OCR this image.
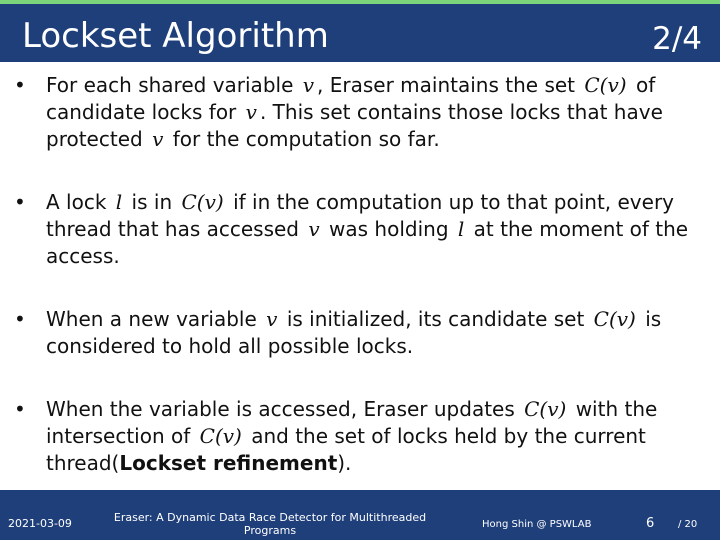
Lockset Algorithm	2/4
• For each shared variable v , Eraser maintains the set C(v) of candidate locks for v . This set contains those locks that have protected v for the computation so far.
• A lock l is in C(v) if in the computation up to that point, every thread that has accessed v was holding l at the moment of the access.
• When a new variable v is initialized, its candidate set C(v) is considered to hold all possible locks.
• When the variable is accessed, Eraser updates C(v) with the intersection of C(v) and the set of locks held by the current thread(Lockset refinement).
2021-03-09	Eraser: A Dynamic Data Race Detector for Multithreaded Programs	Hong Shin @ PSWLAB	6 / 20
